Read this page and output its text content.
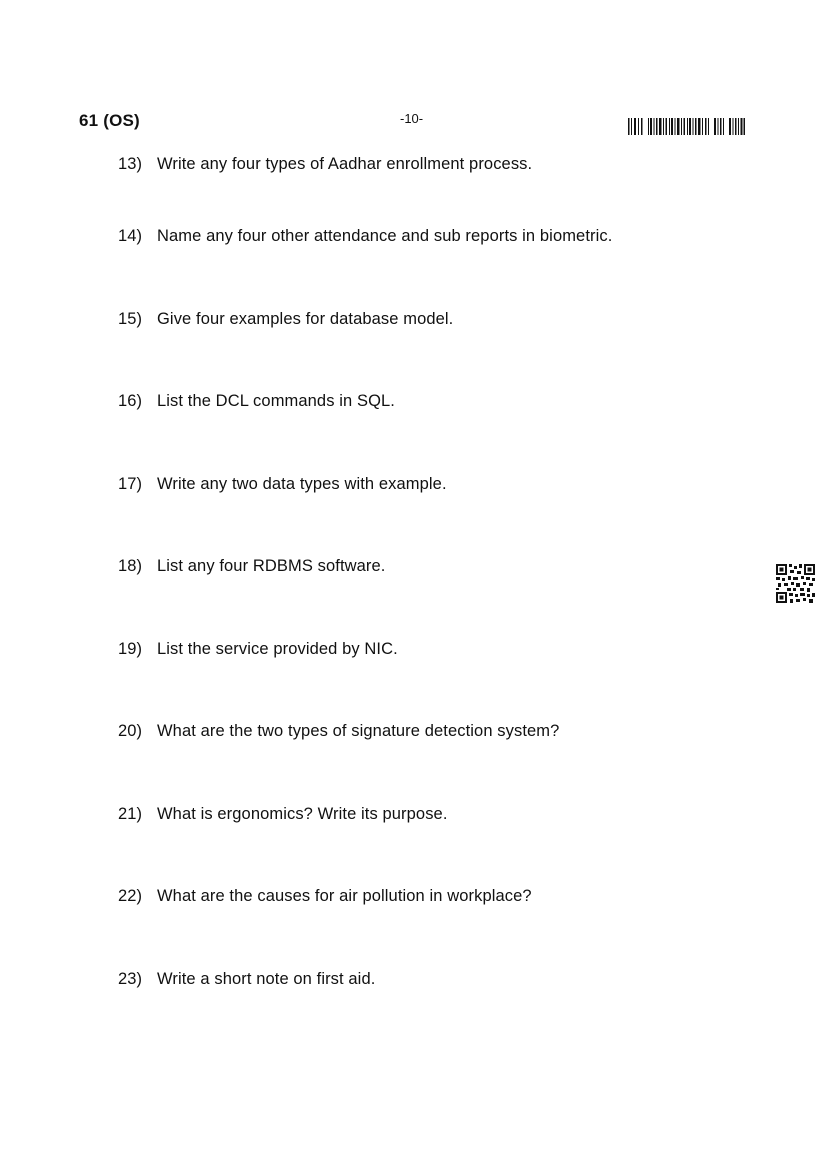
61 (OS)	-10-
13) Write any four types of Aadhar enrollment process.
14) Name any four other attendance and sub reports in biometric.
15) Give four examples for database model.
16) List the DCL commands in SQL.
17) Write any two data types with example.
18) List any four RDBMS software.
19) List the service provided by NIC.
20) What are the two types of signature detection system?
21) What is ergonomics? Write its purpose.
22) What are the causes for air pollution in workplace?
23) Write a short note on first aid.
